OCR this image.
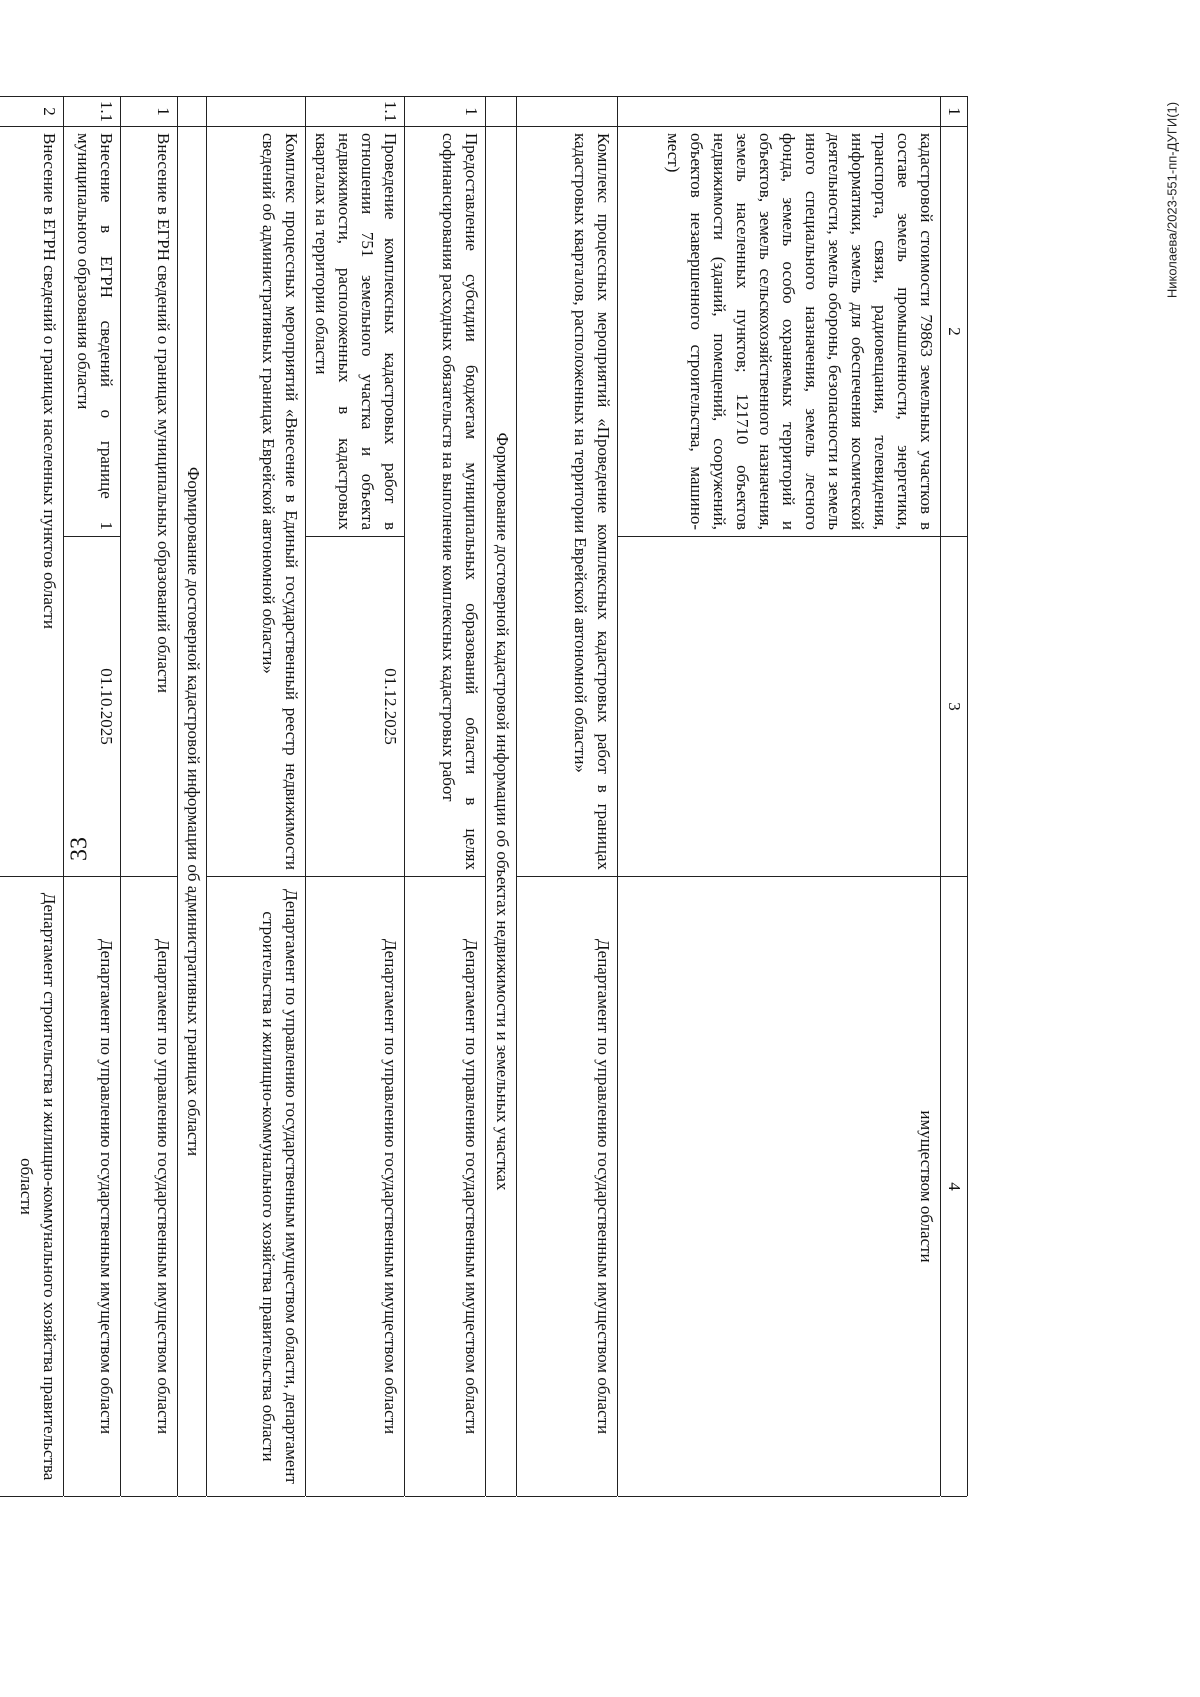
33
Николаева/2023-551-пп-ДУГИ(1)
1
2
3
4
кадастровой стоимости 79863 земельных участков в составе земель промышленности, энергетики, транспорта, связи, радиовещания, телевидения, информатики, земель для обеспечения космической деятельности, земель обороны, безопасности и земель иного специального назначения, земель лесного фонда, земель особо охраняемых территорий и объектов, земель сельскохозяйственного назначения, земель населенных пунктов; 121710 объектов недвижимости (зданий, помещений, сооружений, объектов незавершенного строительства, машино-мест)
имуществом области
Комплекс процессных мероприятий «Проведение комплексных кадастровых работ в границах кадастровых кварталов, расположенных на территории Еврейской автономной области»
Департамент по управлению государственным имуществом области
Формирование достоверной кадастровой информации об объектах недвижимости и земельных участках
1
Предоставление субсидии бюджетам муниципальных образований области в целях софинансирования расходных обязательств на выполнение комплексных кадастровых работ
Департамент по управлению государственным имуществом области
1.1
Проведение комплексных кадастровых работ в отношении 751 земельного участка и объекта недвижимости, расположенных в кадастровых кварталах на территории области
01.12.2025
Департамент по управлению государственным имуществом области
Комплекс процессных мероприятий «Внесение в Единый государственный реестр недвижимости сведений об административных границах Еврейской автономной области»
Департамент по управлению государственным имуществом области, департамент строительства и жилищно-коммунального хозяйства правительства области
Формирование достоверной кадастровой информации об административных границах области
1
Внесение в ЕГРН сведений о границах муниципальных образований области
Департамент по управлению государственным имуществом области
1.1
Внесение в ЕГРН сведений о границе 1 муниципального образования области
01.10.2025
Департамент по управлению государственным имуществом области
2
Внесение в ЕГРН сведений о границах населенных пунктов области
Департамент строительства и жилищно-коммунального хозяйства правительства области
